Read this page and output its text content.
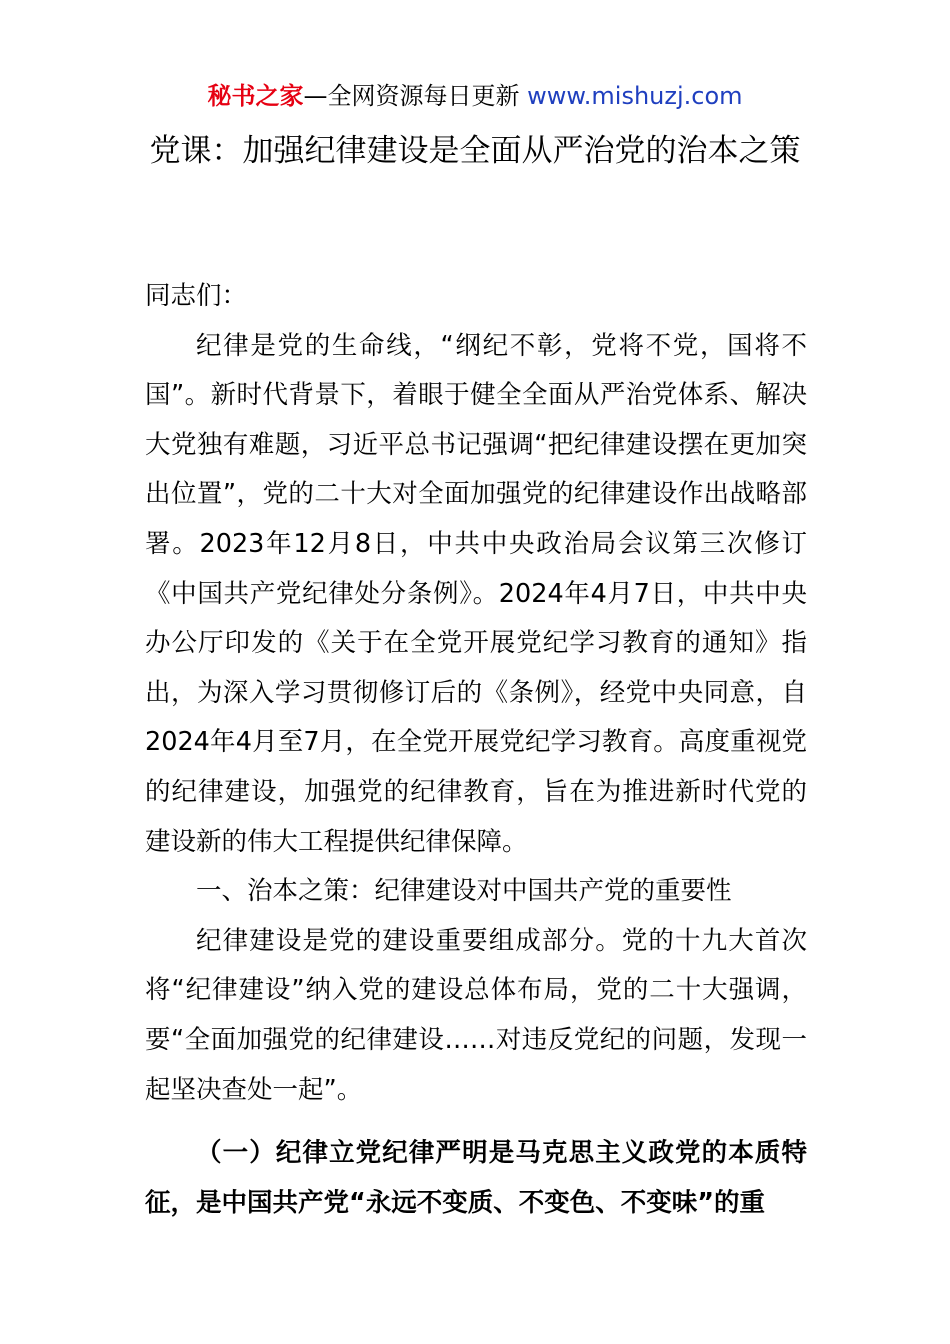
秘书之家—全网资源每日更新 www.mishuzj.com
党课：加强纪律建设是全面从严治党的治本之策

同志们：

纪律是党的生命线，“纲纪不彰，党将不党，国将不国”。新时代背景下，着眼于健全全面从严治党体系、解决大党独有难题，习近平总书记强调“把纪律建设摆在更加突出位置”，党的二十大对全面加强党的纪律建设作出战略部署。2023年12月8日，中共中央政治局会议第三次修订《中国共产党纪律处分条例》。2024年4月7日，中共中央办公厅印发的《关于在全党开展党纪学习教育的通知》指出，为深入学习贯彻修订后的《条例》，经党中央同意，自2024年4月至7月，在全党开展党纪学习教育。高度重视党的纪律建设，加强党的纪律教育，旨在为推进新时代党的建设新的伟大工程提供纪律保障。

一、治本之策：纪律建设对中国共产党的重要性

纪律建设是党的建设重要组成部分。党的十九大首次将“纪律建设”纳入党的建设总体布局，党的二十大强调，要“全面加强党的纪律建设……对违反党纪的问题，发现一起坚决查处一起”。

（一）纪律立党纪律严明是马克思主义政党的本质特征，是中国共产党“永远不变质、不变色、不变味”的重
